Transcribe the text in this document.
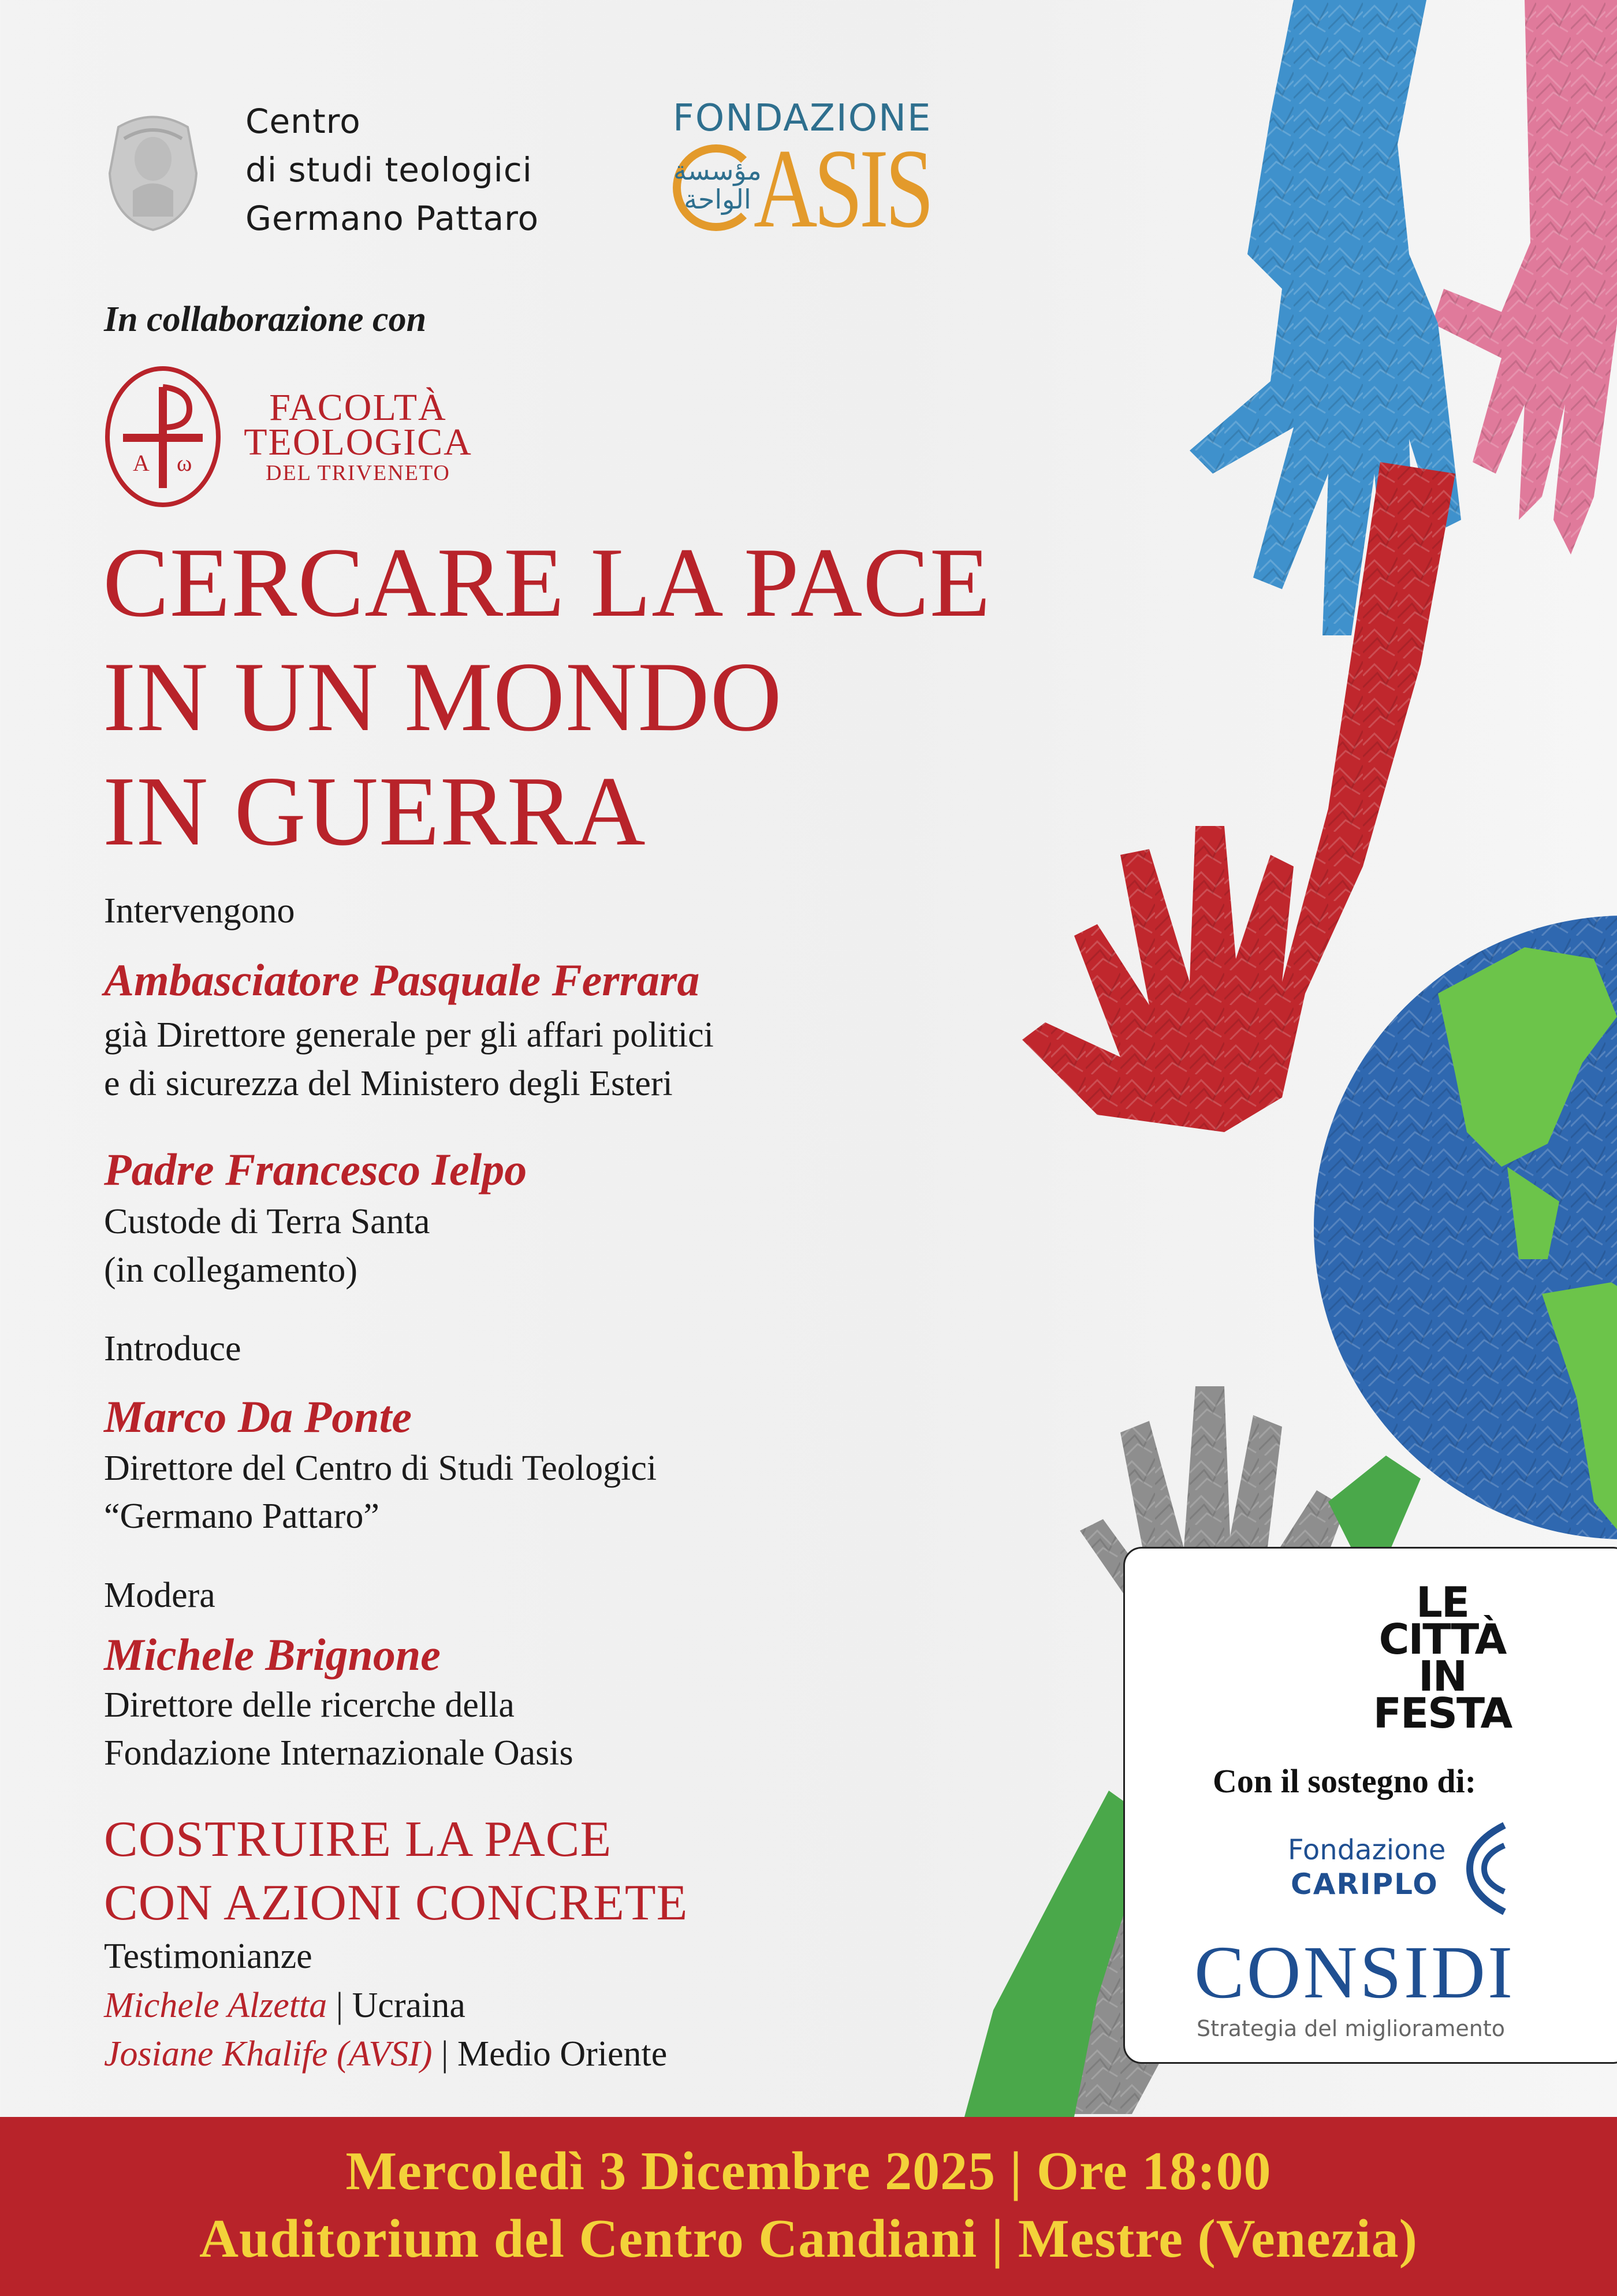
Centro
di studi teologici
Germano Pattaro
FONDAZIONE
مؤسسة
الواحة ASIS
In collaborazione con
A ω
FACOLTÀ
TEOLOGICA
DEL TRIVENETO
CERCARE LA PACE
IN UN MONDO
IN GUERRA
Intervengono
Ambasciatore Pasquale Ferrara
già Direttore generale per gli affari politici
e di sicurezza del Ministero degli Esteri
Padre Francesco Ielpo
Custode di Terra Santa
(in collegamento)
Introduce
Marco Da Ponte
Direttore del Centro di Studi Teologici
“Germano Pattaro”
Modera
Michele Brignone
Direttore delle ricerche della
Fondazione Internazionale Oasis
COSTRUIRE LA PACE
CON AZIONI CONCRETE
Testimonianze
Michele Alzetta | Ucraina
Josiane Khalife (AVSI) | Medio Oriente
LE
CITTÀ
IN
FESTA
Con il sostegno di:
Fondazione
CARIPLO
CONSIDI
Strategia del miglioramento
Mercoledì 3 Dicembre 2025 | Ore 18:00
Auditorium del Centro Candiani | Mestre (Venezia)
